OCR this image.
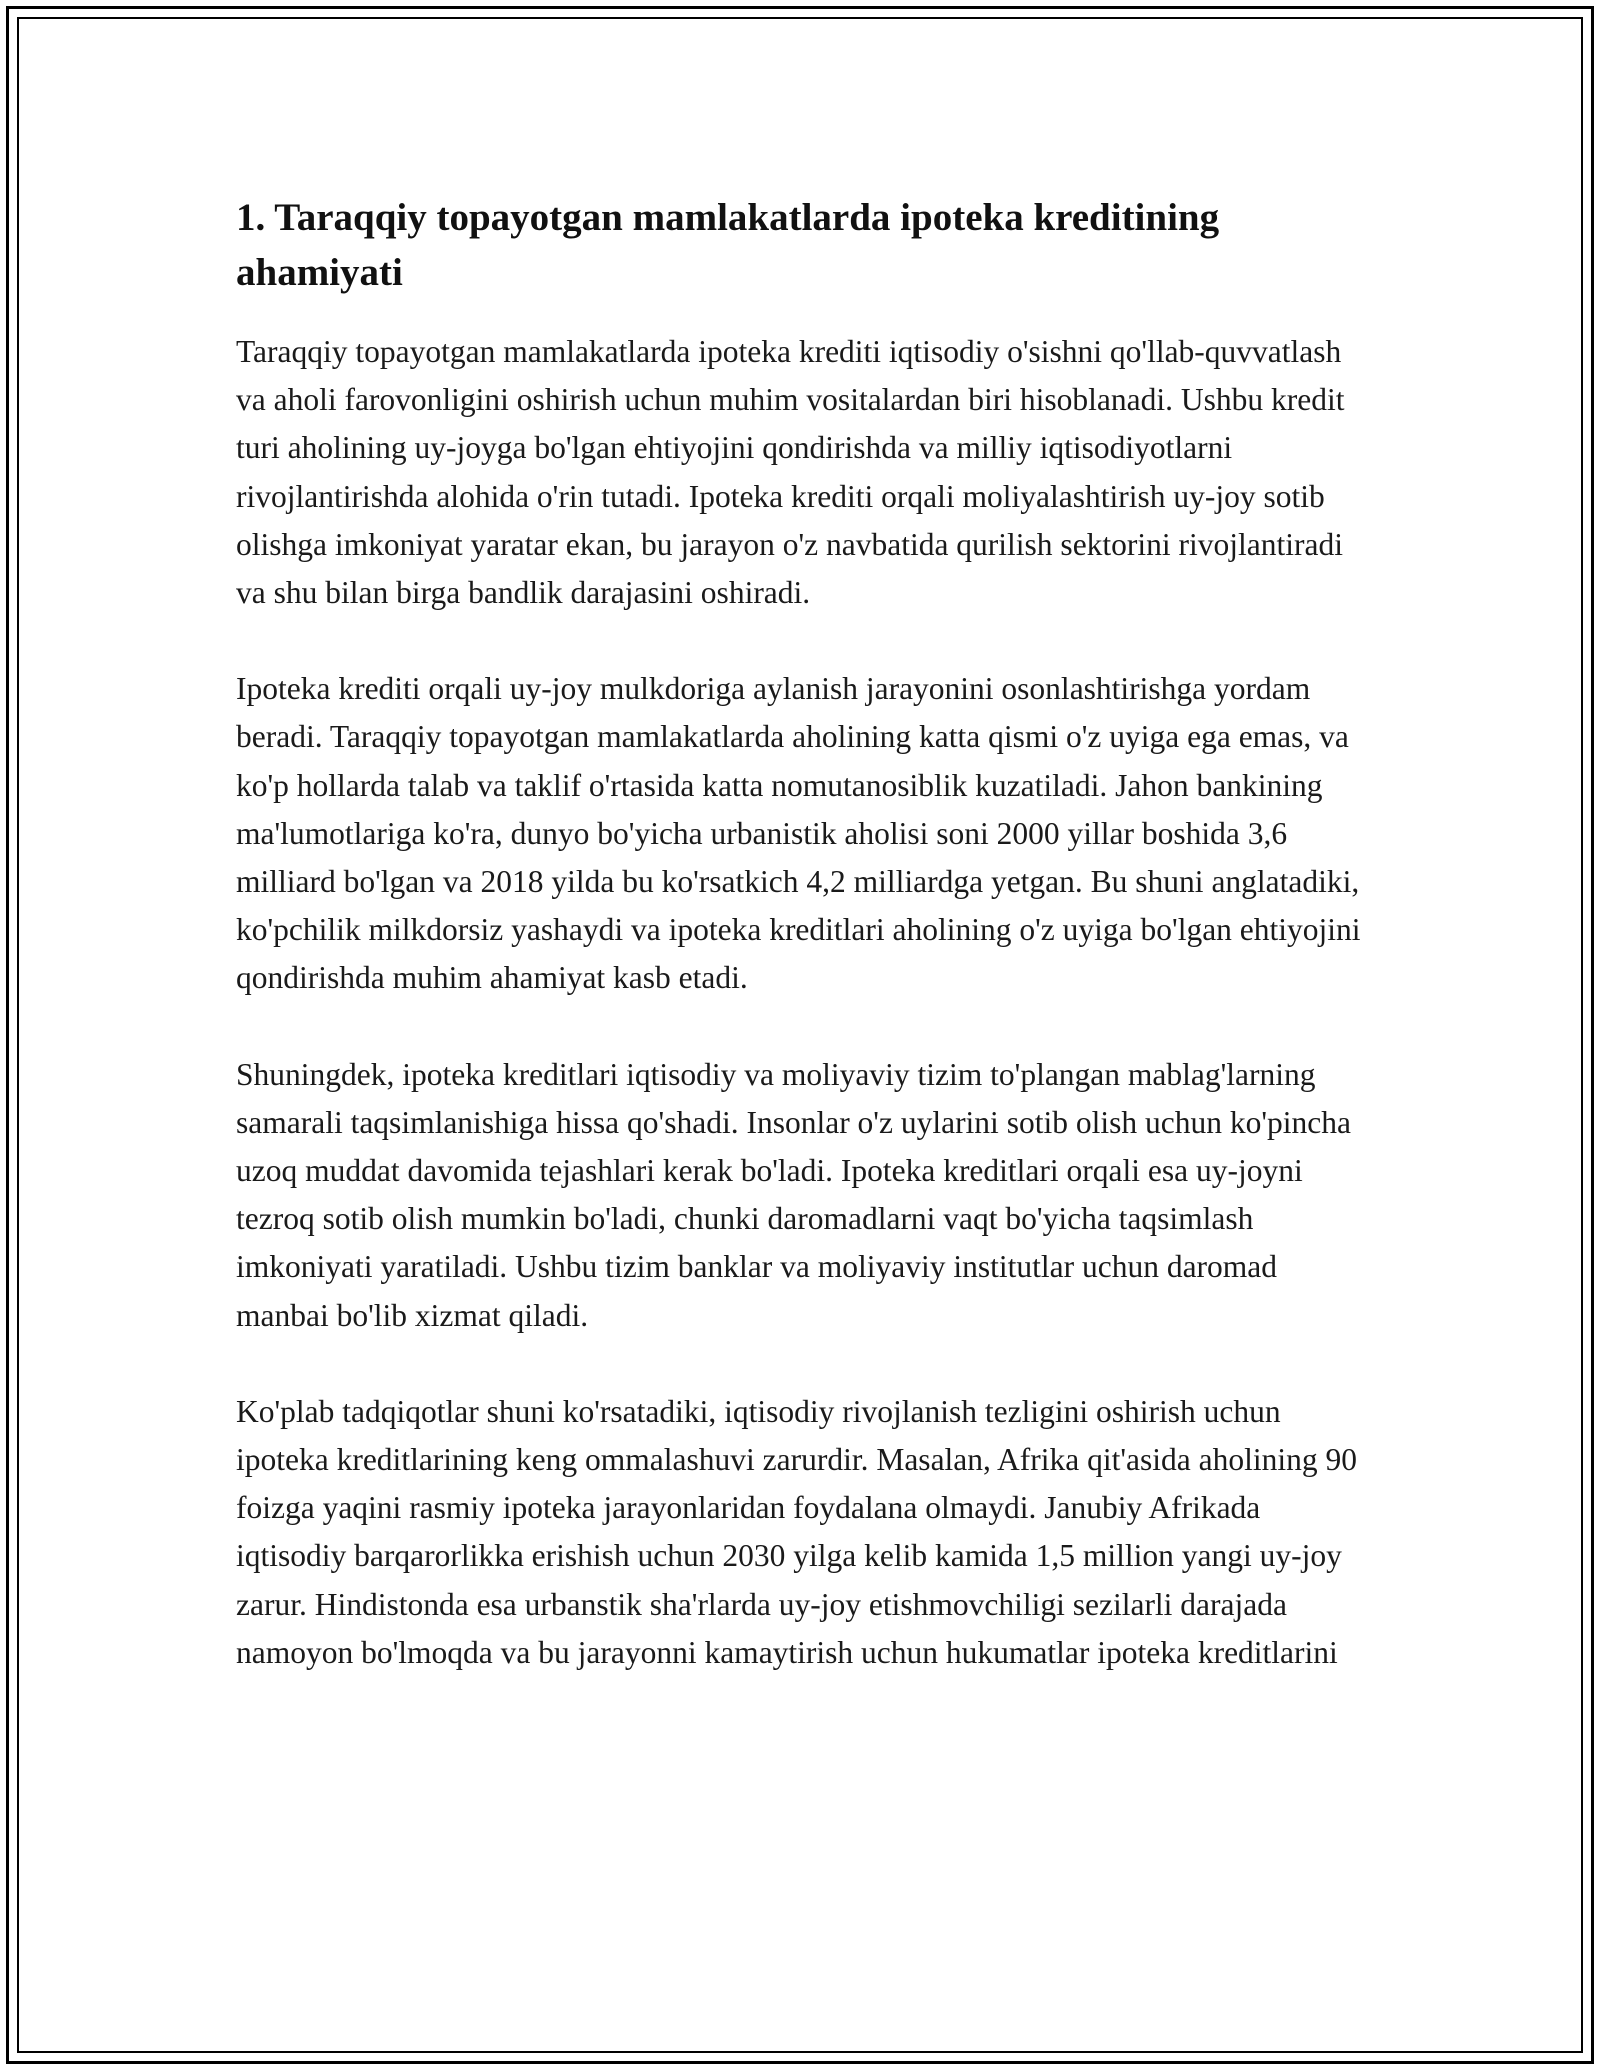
1. Taraqqiy topayotgan mamlakatlarda ipoteka kreditining ahamiyati

Taraqqiy topayotgan mamlakatlarda ipoteka krediti iqtisodiy o'sishni qo'llab-quvvatlash va aholi farovonligini oshirish uchun muhim vositalardan biri hisoblanadi. Ushbu kredit turi aholining uy-joyga bo'lgan ehtiyojini qondirishda va milliy iqtisodiyotlarni rivojlantirishda alohida o'rin tutadi. Ipoteka krediti orqali moliyalashtirish uy-joy sotib olishga imkoniyat yaratar ekan, bu jarayon o'z navbatida qurilish sektorini rivojlantiradi va shu bilan birga bandlik darajasini oshiradi.

Ipoteka krediti orqali uy-joy mulkdoriga aylanish jarayonini osonlashtirishga yordam beradi. Taraqqiy topayotgan mamlakatlarda aholining katta qismi o'z uyiga ega emas, va ko'p hollarda talab va taklif o'rtasida katta nomutanosiblik kuzatiladi. Jahon bankining ma'lumotlariga ko'ra, dunyo bo'yicha urbanistik aholisi soni 2000 yillar boshida 3,6 milliard bo'lgan va 2018 yilda bu ko'rsatkich 4,2 milliardga yetgan. Bu shuni anglatadiki, ko'pchilik milkdorsiz yashaydi va ipoteka kreditlari aholining o'z uyiga bo'lgan ehtiyojini qondirishda muhim ahamiyat kasb etadi.

Shuningdek, ipoteka kreditlari iqtisodiy va moliyaviy tizim to'plangan mablag'larning samarali taqsimlanishiga hissa qo'shadi. Insonlar o'z uylarini sotib olish uchun ko'pincha uzoq muddat davomida tejashlari kerak bo'ladi. Ipoteka kreditlari orqali esa uy-joyni tezroq sotib olish mumkin bo'ladi, chunki daromadlarni vaqt bo'yicha taqsimlash imkoniyati yaratiladi. Ushbu tizim banklar va moliyaviy institutlar uchun daromad manbai bo'lib xizmat qiladi.

Ko'plab tadqiqotlar shuni ko'rsatadiki, iqtisodiy rivojlanish tezligini oshirish uchun ipoteka kreditlarining keng ommalashuvi zarurdir. Masalan, Afrika qit'asida aholining 90 foizga yaqini rasmiy ipoteka jarayonlaridan foydalana olmaydi. Janubiy Afrikada iqtisodiy barqarorlikka erishish uchun 2030 yilga kelib kamida 1,5 million yangi uy-joy zarur. Hindistonda esa urbanstik sha'rlarda uy-joy etishmovchiligi sezilarli darajada namoyon bo'lmoqda va bu jarayonni kamaytirish uchun hukumatlar ipoteka kreditlarini
